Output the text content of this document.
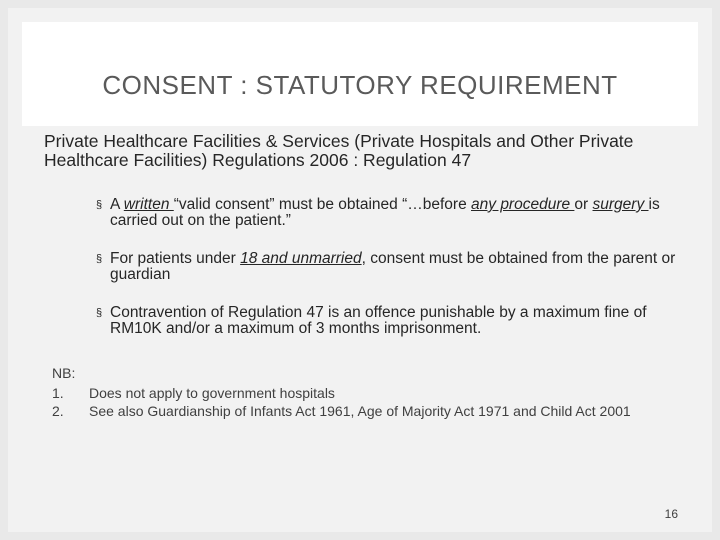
CONSENT : STATUTORY REQUIREMENT

Private Healthcare Facilities & Services (Private Hospitals and Other Private Healthcare Facilities) Regulations 2006 : Regulation 47

§ A written “valid consent” must be obtained “…before any procedure or surgery is carried out on the patient.”
§ For patients under 18 and unmarried, consent must be obtained from the parent or guardian
§ Contravention of Regulation 47 is an offence punishable by a maximum fine of RM10K and/or a maximum of 3 months imprisonment.

NB:

1. Does not apply to government hospitals
2. See also Guardianship of Infants Act 1961, Age of Majority Act 1971 and Child Act 2001
16
